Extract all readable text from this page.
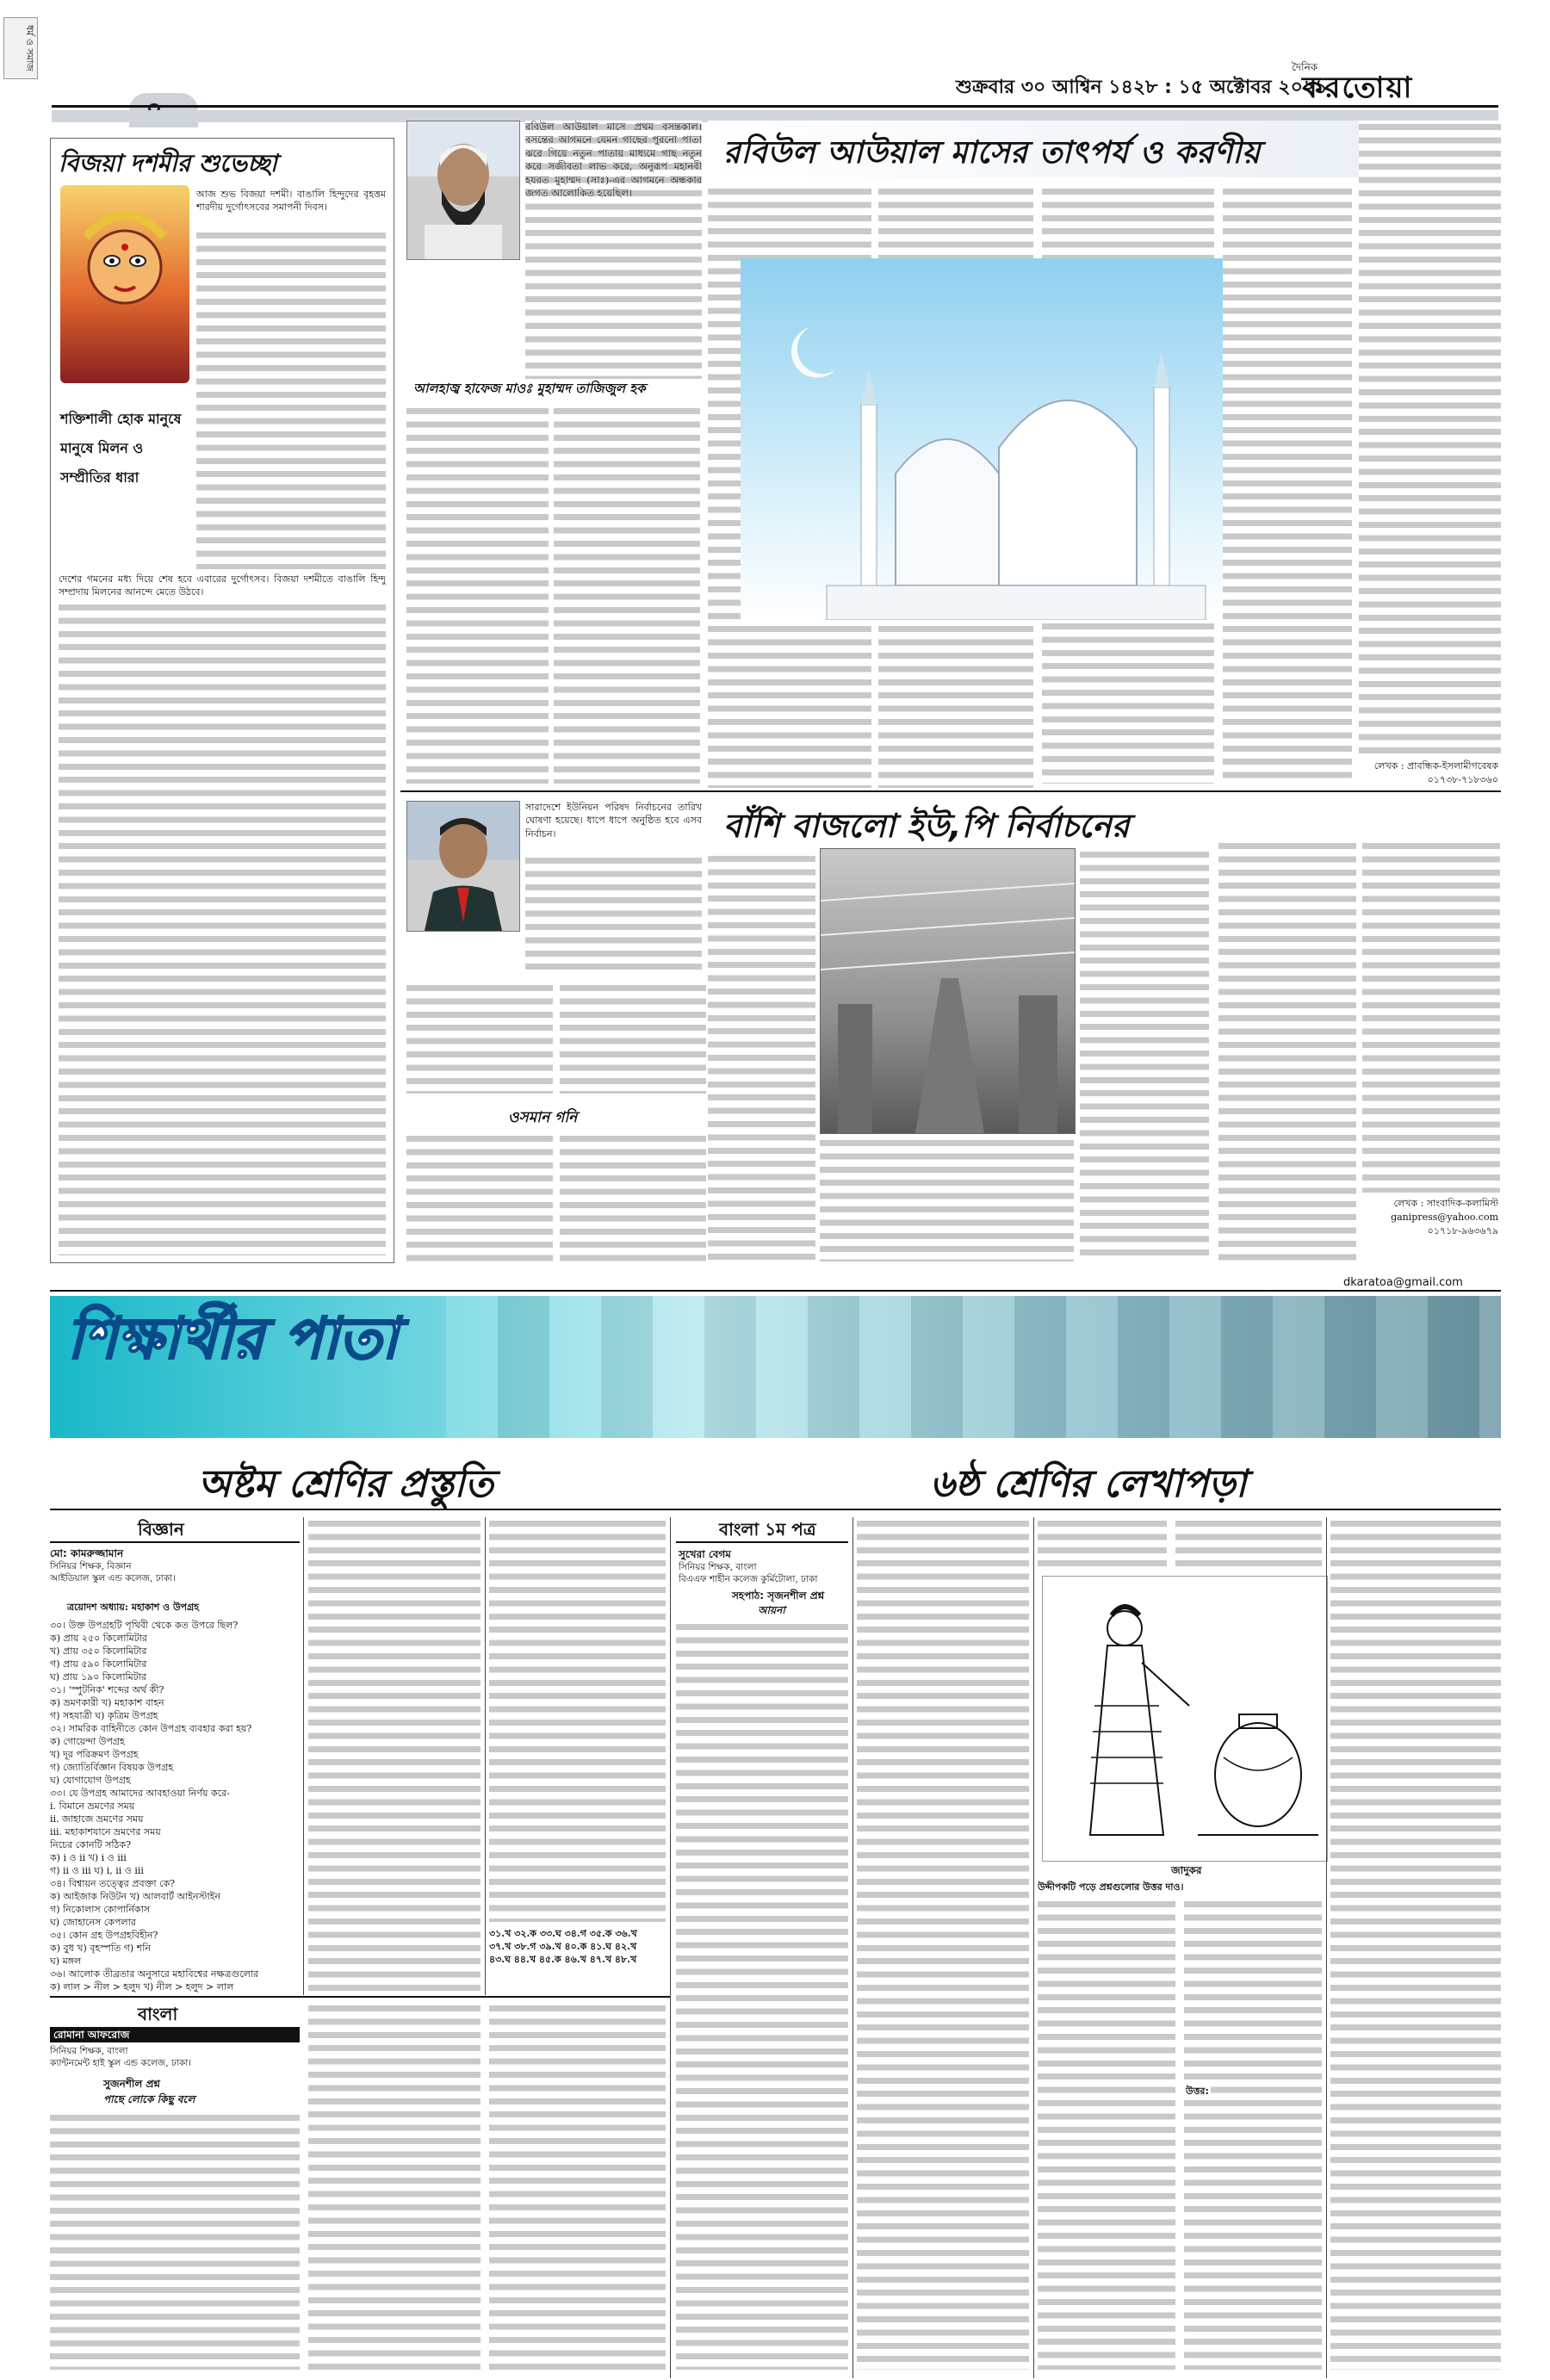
ধর্ম ও সমাজ
শুক্রবার ৩০ আশ্বিন ১৪২৮ : ১৫ অক্টোবর ২০২১
দৈনিক
করতোয়া
বিজয়া দশমীর শুভেচ্ছা
আজ শুভ বিজয়া দশমী। বাঙালি হিন্দুদের বৃহত্তম শারদীয় দুর্গোৎসবের সমাপনী দিবস।
শক্তিশালী হোক মানুষে
মানুষে মিলন ও
সম্প্রীতির ধারা
দেশের গমনের মধ্য দিয়ে শেষ হবে এবারের দুর্গোৎসব। বিজয়া দশমীতে বাঙালি হিন্দু সম্প্রদায় মিলনের আনন্দে মেতে উঠবে।
রবিউল আউয়াল মাসে প্রথম বসন্তকাল। বসন্তের আগমনে যেমন গাছের পুরনো পাতা ঝরে গিয়ে নতুন পাতায় মাধ্যমে গাছ নতুন করে সজীবতা লাভ করে, অনুরূপ মহানবী হযরত মুহাম্মদ (সাঃ)-এর আগমনে অন্ধকার জগত আলোকিত হয়েছিল।
রবিউল আউয়াল মাসের তাৎপর্য ও করণীয়
আলহাজ্ব হাফেজ মাওঃ মুহাম্মদ তাজিজুল হক
লেখক : প্রাবন্ধিক-ইসলামীগবেষক
০১৭৩৮-৭১৮৩৬০
সারাদেশে ইউনিয়ন পরিষদ নির্বাচনের তারিখ ঘোষণা হয়েছে। ধাপে ধাপে অনুষ্ঠিত হবে এসব নির্বাচন।	বাঁশি বাজলো ইউ,পি নির্বাচনের
ওসমান গনি
লেখক : সাংবাদিক-কলামিস্ট
ganipress@yahoo.com
০১৭১৮-৯৬৩৬৭৯
dkaratoa@gmail.com
শিক্ষার্থীর পাতা
অষ্টম শ্রেণির প্রস্তুতি	৬ষ্ঠ শ্রেণির লেখাপড়া
বিজ্ঞান
মো: কামরুজ্জামান
সিনিয়র শিক্ষক, বিজ্ঞান
আইডিয়াল স্কুল এন্ড কলেজ, ঢাকা।
ত্রয়োদশ অধ্যায়: মহাকাশ ও উপগ্রহ
৩০। উক্ত উপগ্রহটি পৃথিবী থেকে কত উপরে ছিল?
ক) প্রায় ২৫০ কিলোমিটার
খ) প্রায় ৩৫০ কিলোমিটার
গ) প্রায় ৫৯০ কিলোমিটার
ঘ) প্রায় ১৯০ কিলোমিটার
৩১। 'স্পুটনিক' শব্দের অর্থ কী?
ক) ভ্রমণকারী খ) মহাকাশ বাহন
গ) সহযাত্রী ঘ) কৃত্রিম উপগ্রহ
৩২। সামরিক বাহিনীতে কোন উপগ্রহ ব্যবহার করা হয়?
ক) গোয়েন্দা উপগ্রহ
খ) দূর পরিক্রমণ উপগ্রহ
গ) জ্যোতির্বিজ্ঞান বিষয়ক উপগ্রহ
ঘ) যোগাযোগ উপগ্রহ
৩৩। যে উপগ্রহ আমাদের আবহাওয়া নির্ণয় করে-
i. বিমানে ভ্রমণের সময়
ii. জাহাজে ভ্রমণের সময়
iii. মহাকাশযানে ভ্রমণের সময়
নিচের কোনটি সঠিক?
ক) i ও ii খ) i ও iii
গ) ii ও iii ঘ) i, ii ও iii
৩৪। বিশ্বায়ন তত্ত্বের প্রবক্তা কে?
ক) আইজাক নিউটন খ) আলবার্ট আইনস্টাইন
গ) নিকোলাস কোপার্নিকাস
ঘ) জোহানেস কেপলার
৩৫। কোন গ্রহ উপগ্রহবিহীন?
ক) বুধ খ) বৃহস্পতি গ) শনি
ঘ) মঙ্গল
৩৬। আলোক তীব্রতার অনুসারে মহাবিশ্বের নক্ষত্রগুলোর
ক) লাল > নীল > হলুদ খ) নীল > হলুদ > লাল
৩১.খ ৩২.ক ৩৩.ঘ ৩৪.গ ৩৫.ক ৩৬.খ
৩৭.খ ৩৮.গ ৩৯.খ ৪০.ক ৪১.ঘ ৪২.খ
৪৩.ঘ ৪৪.খ ৪৫.ক ৪৬.খ ৪৭.খ ৪৮.খ
বাংলা
রোমানা আফরোজ
সিনিয়র শিক্ষক, বাংলা
ক্যান্টনমেন্ট হাই স্কুল এন্ড কলেজ, ঢাকা।
সুজনশীল প্রশ্ন
পাছে লোকে কিছু বলে
বাংলা ১ম পত্র
সুখেরা বেগম
সিনিয়র শিক্ষক, বাংলা
বিএএফ শাহীন কলেজ কুর্মিটোলা, ঢাকা
সহপাঠ: সৃজনশীল প্রশ্ন
আয়না
জাদুকর
উদ্দীপকটি পড়ে প্রশ্নগুলোর উত্তর দাও।
উত্তর:
